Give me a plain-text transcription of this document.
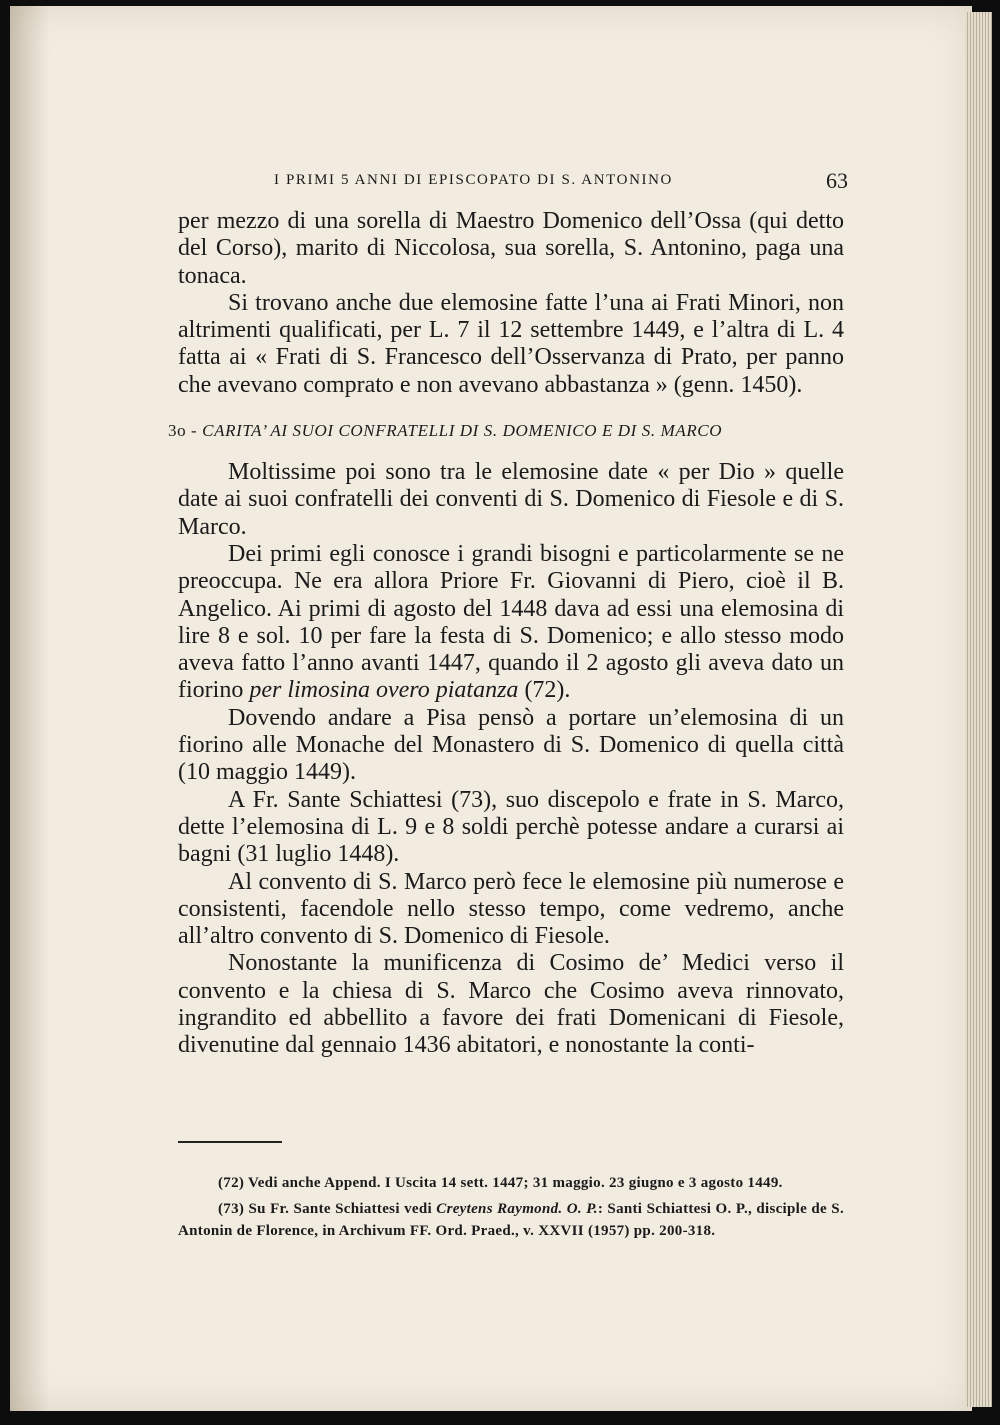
I PRIMI 5 ANNI DI EPISCOPATO DI S. ANTONINO	63

per mezzo di una sorella di Maestro Domenico dell’Ossa (qui detto del Corso), marito di Niccolosa, sua sorella, S. Antonino, paga una tonaca.

Si trovano anche due elemosine fatte l’una ai Frati Minori, non altrimenti qualificati, per L. 7 il 12 settembre 1449, e l’altra di L. 4 fatta ai « Frati di S. Francesco dell’Osservanza di Prato, per panno che avevano comprato e non avevano abbastanza » (genn. 1450).

3o - CARITA’ AI SUOI CONFRATELLI DI S. DOMENICO E DI S. MARCO

Moltissime poi sono tra le elemosine date « per Dio » quelle date ai suoi confratelli dei conventi di S. Domenico di Fiesole e di S. Marco.

Dei primi egli conosce i grandi bisogni e particolarmente se ne preoccupa. Ne era allora Priore Fr. Giovanni di Piero, cioè il B. Angelico. Ai primi di agosto del 1448 dava ad essi una elemosina di lire 8 e sol. 10 per fare la festa di S. Domenico; e allo stesso modo aveva fatto l’anno avanti 1447, quando il 2 agosto gli aveva dato un fiorino per limosina overo piatanza (72).

Dovendo andare a Pisa pensò a portare un’elemosina di un fiorino alle Monache del Monastero di S. Domenico di quella città (10 maggio 1449).

A Fr. Sante Schiattesi (73), suo discepolo e frate in S. Marco, dette l’elemosina di L. 9 e 8 soldi perchè potesse andare a curarsi ai bagni (31 luglio 1448).

Al convento di S. Marco però fece le elemosine più numerose e consistenti, facendole nello stesso tempo, come vedremo, anche all’altro convento di S. Domenico di Fiesole.

Nonostante la munificenza di Cosimo de’ Medici verso il convento e la chiesa di S. Marco che Cosimo aveva rinnovato, ingrandito ed abbellito a favore dei frati Domenicani di Fiesole, divenutine dal gennaio 1436 abitatori, e nonostante la conti-

(72) Vedi anche Append. I Uscita 14 sett. 1447; 31 maggio. 23 giugno e 3 agosto 1449.

(73) Su Fr. Sante Schiattesi vedi Creytens Raymond. O. P.: Santi Schiattesi O. P., disciple de S. Antonin de Florence, in Archivum FF. Ord. Praed., v. XXVII (1957) pp. 200-318.
